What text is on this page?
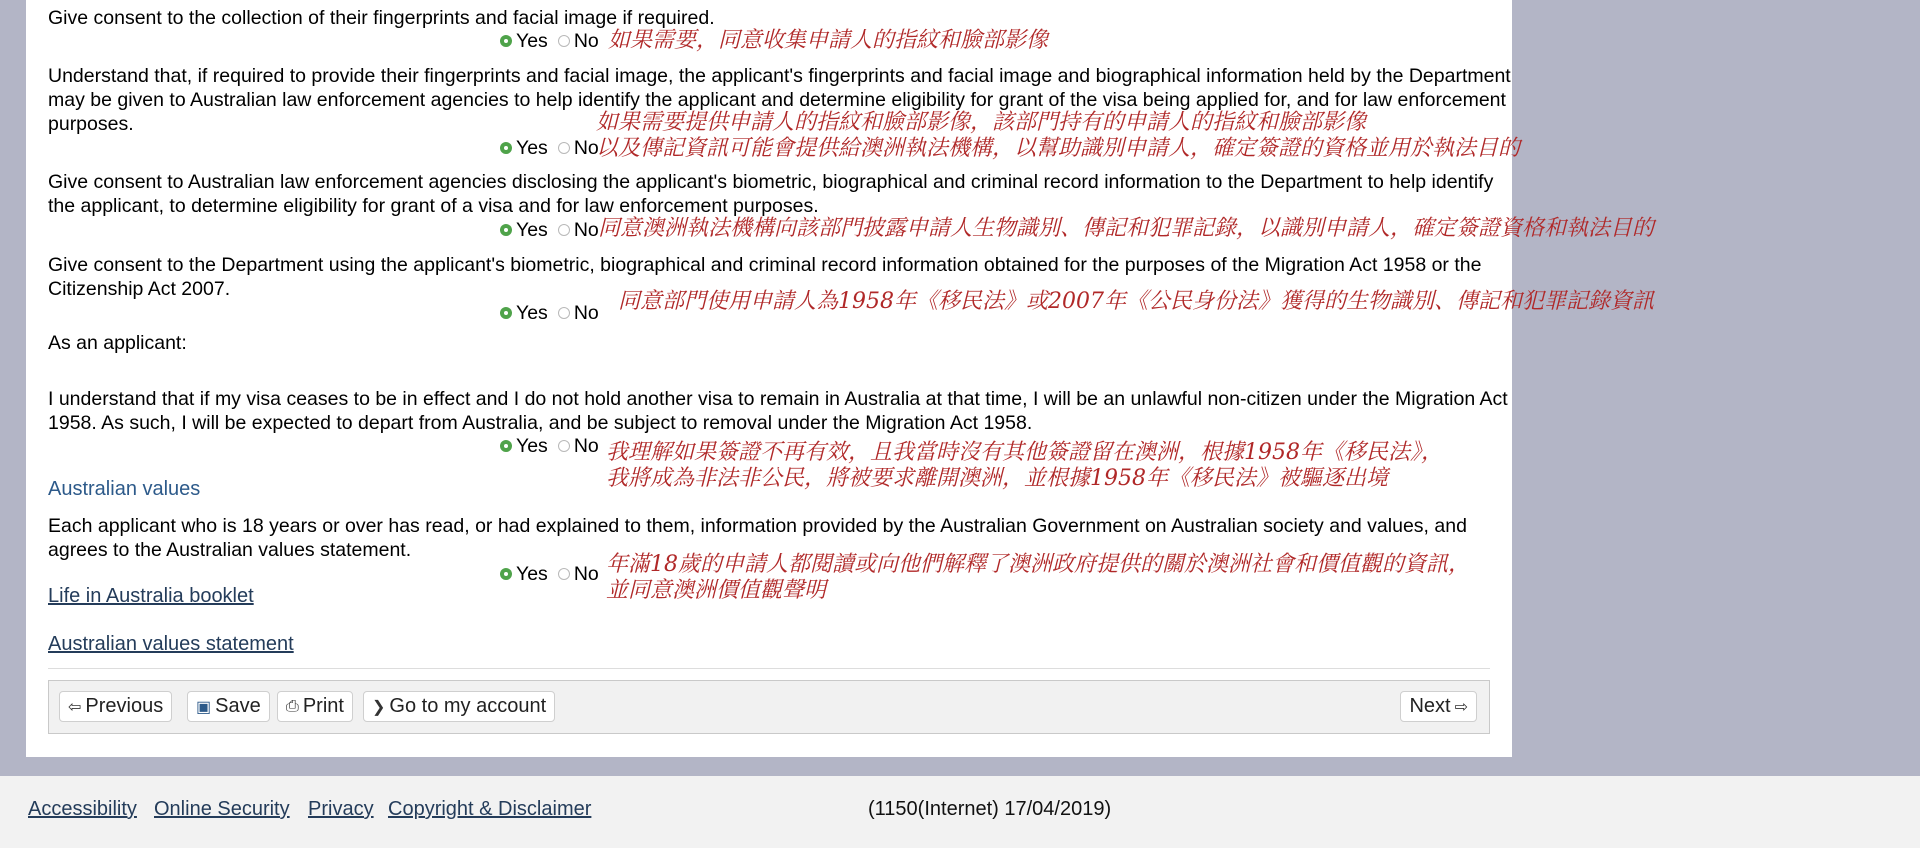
Give consent to the collection of their fingerprints and facial image if required.
Yes No
Understand that, if required to provide their fingerprints and facial image, the applicant's fingerprints and facial image and biographical information held by the Department may be given to Australian law enforcement agencies to help identify the applicant and determine eligibility for grant of the visa being applied for, and for law enforcement purposes.
Yes No
Give consent to Australian law enforcement agencies disclosing the applicant's biometric, biographical and criminal record information to the Department to help identify the applicant, to determine eligibility for grant of a visa and for law enforcement purposes.
Yes No
Give consent to the Department using the applicant's biometric, biographical and criminal record information obtained for the purposes of the Migration Act 1958 or the Citizenship Act 2007.
Yes No
As an applicant:
I understand that if my visa ceases to be in effect and I do not hold another visa to remain in Australia at that time, I will be an unlawful non-citizen under the Migration Act 1958. As such, I will be expected to depart from Australia, and be subject to removal under the Migration Act 1958.
Yes No
Australian values
Each applicant who is 18 years or over has read, or had explained to them, information provided by the Australian Government on Australian society and values, and agrees to the Australian values statement.
Yes No
Life in Australia booklet
Australian values statement
如果需要，同意收集申請人的指紋和臉部影像
如果需要提供申請人的指紋和臉部影像，該部門持有的申請人的指紋和臉部影像
以及傳記資訊可能會提供給澳洲執法機構，以幫助識別申請人，確定簽證的資格並用於執法目的
同意澳洲執法機構向該部門披露申請人生物識別、傳記和犯罪記錄，以識別申請人，確定簽證資格和執法目的
同意部門使用申請人為1958年《移民法》或2007年《公民身份法》獲得的生物識別、傳記和犯罪記錄資訊
我理解如果簽證不再有效，且我當時沒有其他簽證留在澳洲，根據1958年《移民法》，
我將成為非法非公民，將被要求離開澳洲，並根據1958年《移民法》被驅逐出境
年滿18歲的申請人都閱讀或向他們解釋了澳洲政府提供的關於澳洲社會和價值觀的資訊，
並同意澳洲價值觀聲明
⇦ Previous ▣ Save ⎙ Print ❯ Go to my account	Next ⇨
Accessibility Online Security Privacy Copyright & Disclaimer	(1150(Internet) 17/04/2019)
